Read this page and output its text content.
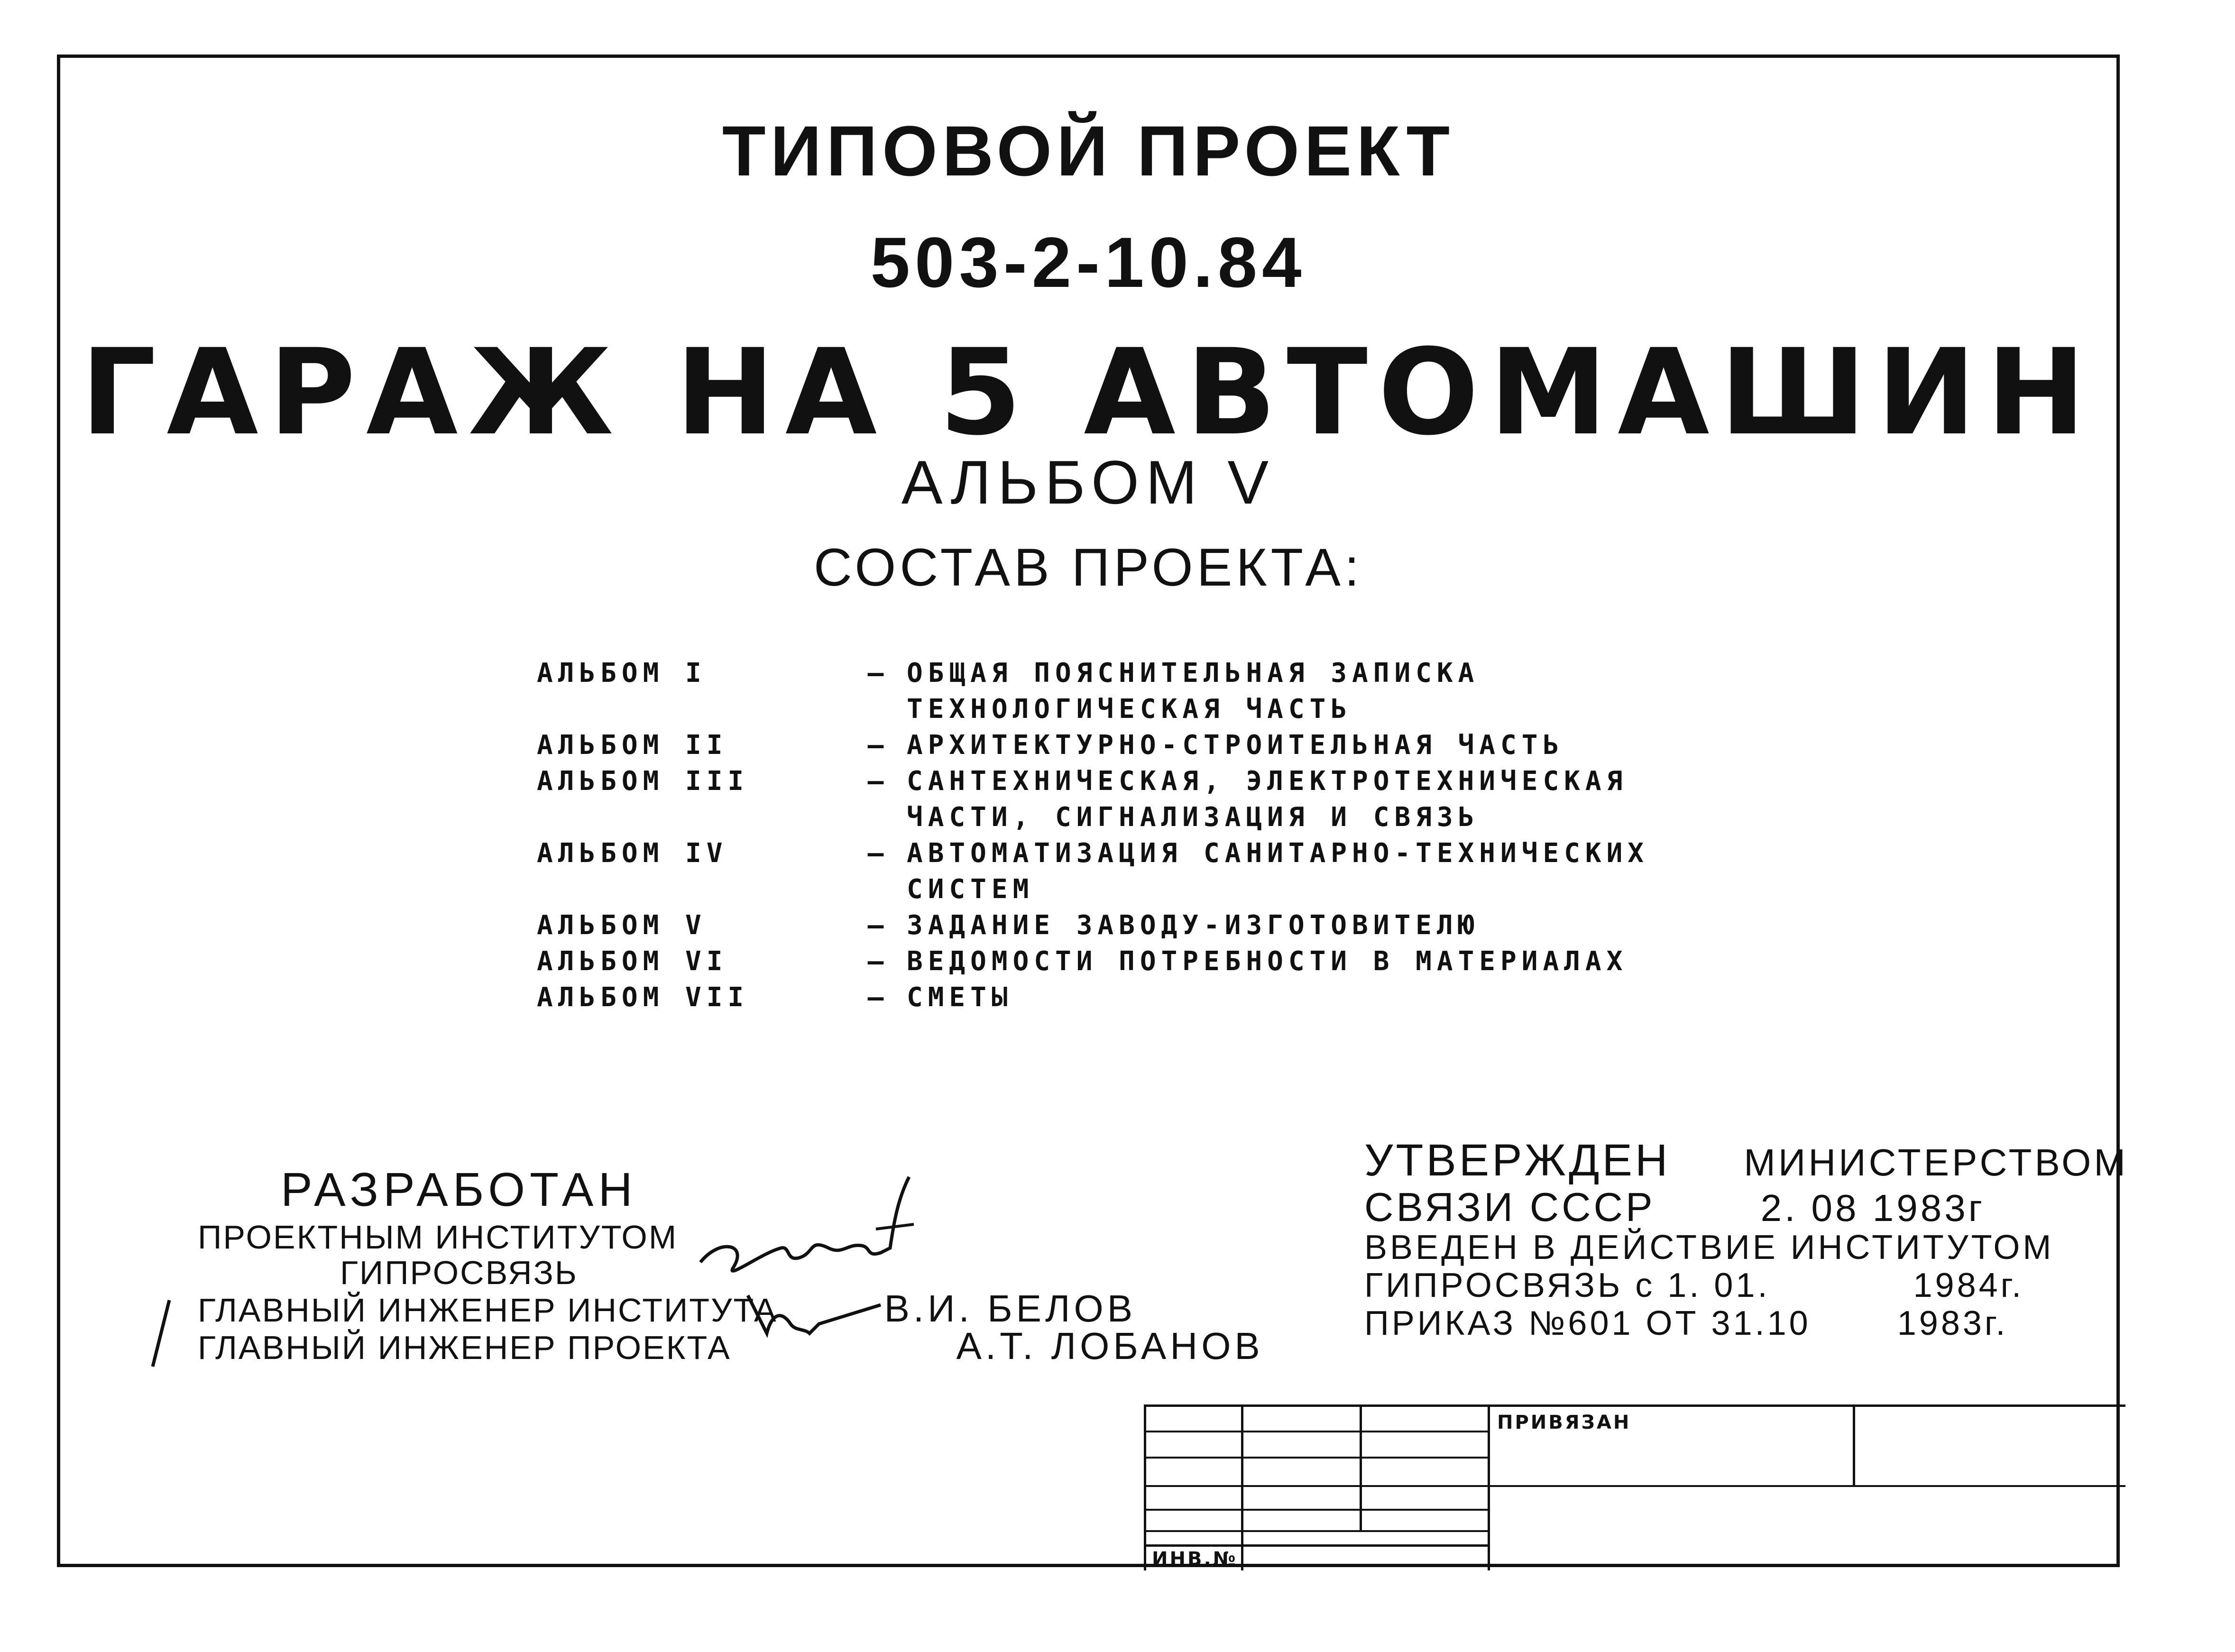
ТИПОВОЙ ПРОЕКТ
503-2-10.84
ГАРАЖ НА 5 АВТОМАШИН
АЛЬБОМ V
СОСТАВ ПРОЕКТА:
АЛЬБОМ I	– ОБЩАЯ ПОЯСНИТЕЛЬНАЯ ЗАПИСКА
ТЕХНОЛОГИЧЕСКАЯ ЧАСТЬ
АЛЬБОМ II	– АРХИТЕКТУРНО-СТРОИТЕЛЬНАЯ ЧАСТЬ
АЛЬБОМ III	– САНТЕХНИЧЕСКАЯ, ЭЛЕКТРОТЕХНИЧЕСКАЯ
ЧАСТИ, СИГНАЛИЗАЦИЯ И СВЯЗЬ
АЛЬБОМ IV	– АВТОМАТИЗАЦИЯ САНИТАРНО-ТЕХНИЧЕСКИХ
СИСТЕМ
АЛЬБОМ V	– ЗАДАНИЕ ЗАВОДУ-ИЗГОТОВИТЕЛЮ
АЛЬБОМ VI	– ВЕДОМОСТИ ПОТРЕБНОСТИ В МАТЕРИАЛАХ
АЛЬБОМ VII	– СМЕТЫ
РАЗРАБОТАН
ПРОЕКТНЫМ ИНСТИТУТОМ
ГИПРОСВЯЗЬ
ГЛАВНЫЙ ИНЖЕНЕР ИНСТИТУТА	В.И. БЕЛОВ
ГЛАВНЫЙ ИНЖЕНЕР ПРОЕКТА	А.Т. ЛОБАНОВ
УТВЕРЖДЕН МИНИСТЕРСТВОМ
СВЯЗИ СССР	2. 08 1983г
ВВЕДЕН В ДЕЙСТВИЕ ИНСТИТУТОМ
ГИПРОСВЯЗЬ с 1. 01.	1984г.
ПРИКАЗ №601 ОТ 31.10	1983г.
ПРИВЯЗАН
ИНВ.№
